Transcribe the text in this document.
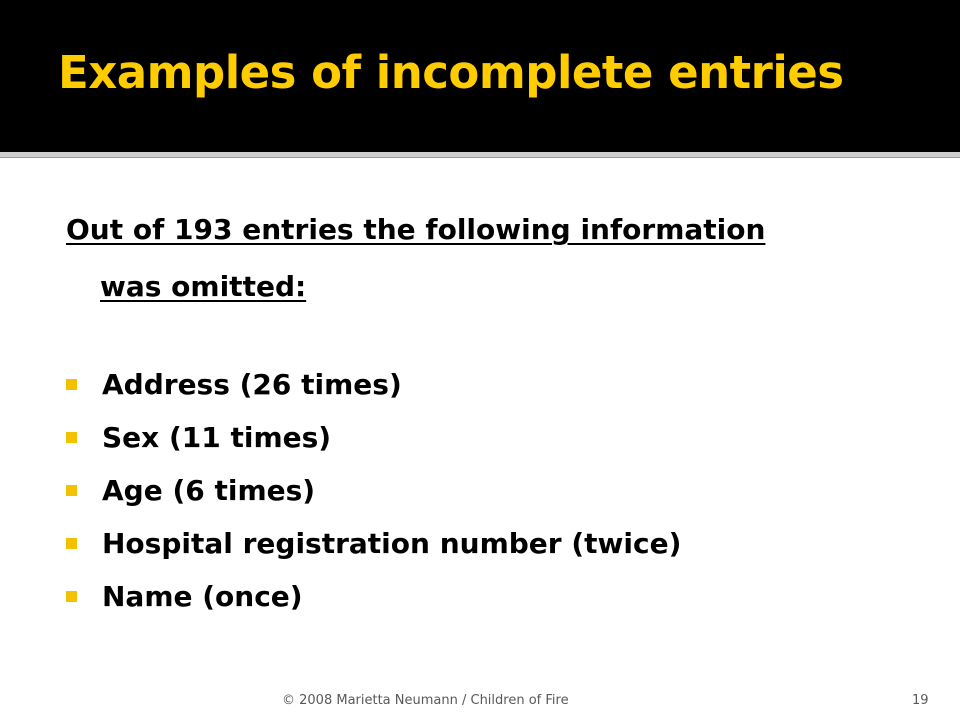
Examples of incomplete entries

Out of 193 entries the following information
was omitted:

Address (26 times)
Sex (11 times)
Age (6 times)
Hospital registration number (twice)
Name (once)
© 2008 Marietta Neumann / Children of Fire	19
